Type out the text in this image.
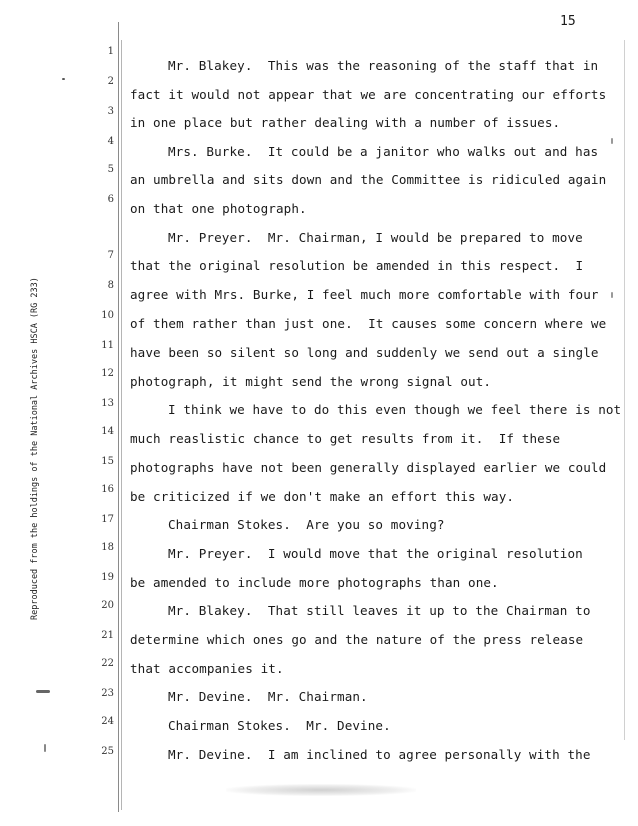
15
Reproduced from the holdings of the National Archives HSCA (RG 233)
1
2
3
4
5
6
7
8
10
11
12
13
14
15
16
17
18
19
20
21
22
23
24
25
Mr. Blakey.  This was the reasoning of the staff that in
fact it would not appear that we are concentrating our efforts
in one place but rather dealing with a number of issues.
Mrs. Burke.  It could be a janitor who walks out and has
an umbrella and sits down and the Committee is ridiculed again
on that one photograph.
Mr. Preyer.  Mr. Chairman, I would be prepared to move
that the original resolution be amended in this respect.  I
agree with Mrs. Burke, I feel much more comfortable with four
of them rather than just one.  It causes some concern where we
have been so silent so long and suddenly we send out a single
photograph, it might send the wrong signal out.
I think we have to do this even though we feel there is not
much reaslistic chance to get results from it.  If these
photographs have not been generally displayed earlier we could
be criticized if we don't make an effort this way.
Chairman Stokes.  Are you so moving?
Mr. Preyer.  I would move that the original resolution
be amended to include more photographs than one.
Mr. Blakey.  That still leaves it up to the Chairman to
determine which ones go and the nature of the press release
that accompanies it.
Mr. Devine.  Mr. Chairman.
Chairman Stokes.  Mr. Devine.
Mr. Devine.  I am inclined to agree personally with the
